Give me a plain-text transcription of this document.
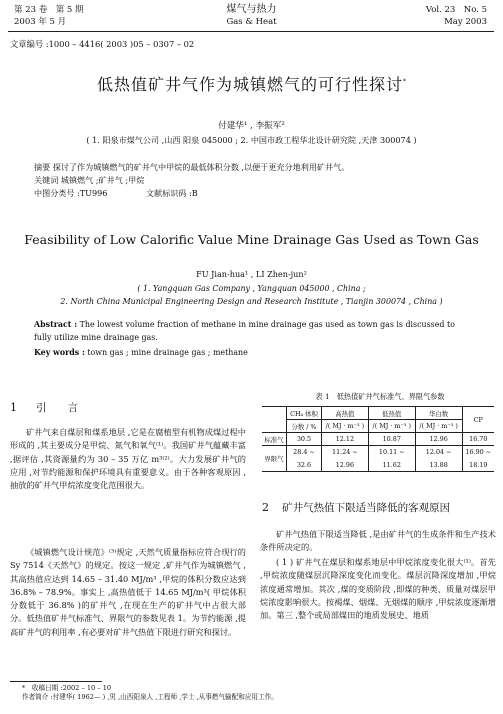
第 23 卷　第 5 期
2003 年 5 月
煤气与热力
Gas & Heat
Vol. 23　No. 5
May 2003
文章编号 :1000 – 4416( 2003 )05 – 0307 – 02
低热值矿井气作为城镇燃气的可行性探讨*
付建华¹ , 李振军²
( 1. 阳泉市煤气公司 ,山西 阳泉 045000 ; 2. 中国市政工程华北设计研究院 ,天津 300074 )
摘要 探讨了作为城镇燃气的矿井气中甲烷的最低体积分数 ,以便于更充分地利用矿井气。
关键词 城镇燃气 ;矿井气 ;甲烷
中图分类号 :TU996	文献标识码 :B
Feasibility of Low Calorific Value Mine Drainage Gas Used as Town Gas
FU Jian-hua¹ , LI Zhen-jun²
( 1. Yangquan Gas Company , Yangquan 045000 , China ;
2. North China Municipal Engineering Design and Research Institute , Tianjin 300074 , China )
Abstract : The lowest volume fraction of methane in mine drainage gas used as town gas is discussed to fully utilize mine drainage gas.
Key words : town gas ; mine drainage gas ; methane
1 引　　言
矿井气来自煤层和煤系地层 ,它是在腐植型有机物成煤过程中形成的 ,其主要成分是甲烷、氮气和氧气⁽¹⁾。我国矿井气蕴藏丰富 ,据评估 ,其资源量约为 30 – 35 万亿 m³⁽²⁾。大力发展矿井气的应用 ,对节约能源和保护环境具有重要意义。由于各种客观原因 ,抽放的矿井气甲烷浓度变化范围很大。
《城镇燃气设计规范》⁽³⁾规定 ,天然气质量指标应符合现行的 Sy 7514《天然气》的规定。按这一规定 ,矿井气作为城镇燃气 ,其高热值应达到 14.65 – 31.40 MJ/m³ ,甲烷的体积分数应达到 36.8% – 78.9%。事实上 ,高热值低于 14.65 MJ/m³( 甲烷体积分数低于 36.8% )的矿井气 ,在现在生产的矿井气中占很大部分。低热值矿井气标准气、界限气的参数见表 1。为节约能源 ,提高矿井气的利用率 ,有必要对矿井气热值下限进行研究和探讨。
表 1　低热值矿井气标准气、界限气参数
	CH₄ 体积	高热值	低热值	华白数	CP
	分数 / %	/( MJ · m⁻³ )	/( MJ · m⁻³ )	/( MJ · m⁻³ )	
标准气	30.5	12.12	10.87	12.96	16.70
界限气	28.4 ~	11.24 ~	10.11 ~	12.04 ~	16.90 ~
	32.6	12.96	11.62	13.88	18.19
2 矿井气热值下限适当降低的客观原因
矿井气热值下限适当降低 ,是由矿井气的生成条件和生产技术条件所决定的。
( 1 ) 矿井气在煤层和煤系地层中甲烷浓度变化很大⁽¹⁾。首先 ,甲烷浓度随煤层沉降深度变化而变化。煤层沉降深度增加 ,甲烷浓度通常增加。其次 ,煤的变质阶段 ,即煤的种类、质量对煤层甲烷浓度影响很大。按褐煤、烟煤、无烟煤的顺序 ,甲烷浓度逐渐增加。第三 ,整个或局部煤田的地质发展史、地质
*　收稿日期 :2002 – 10 – 10
作者简介 :付建华( 1962— ) ,男 ,山西阳泉人 ,工程师 ,学士 ,从事燃气输配和应用工作。
